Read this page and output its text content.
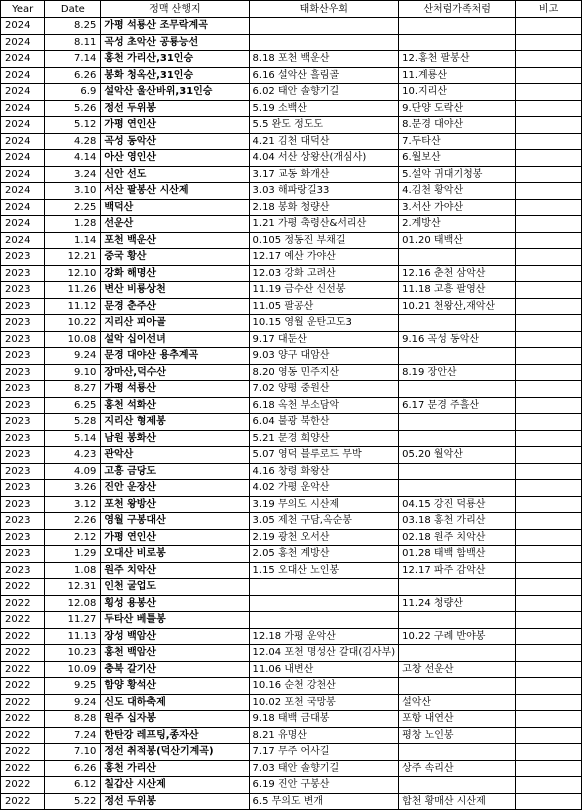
Year	Date	정맥 산행지	태화산우회	산처럼가족처럼	비고
2024	8.25	가평 석룡산 조무락계곡			
2024	8.11	곡성 초악산 공룡능선			
2024	7.14	홍천 가리산,31인승	8.18 포천 백운산	12.홍천 팔봉산	
2024	6.26	봉화 청옥산,31인승	6.16 설악산 흘림골	11.계룡산	
2024	6.9	설악산 울산바위,31인승	6.02 태안 솔향기길	10.지리산	
2024	5.26	정선 두위봉	5.19 소백산	9.단양 도락산	
2024	5.12	가평 연인산	5.5 완도 정도도	8.문경 대야산	
2024	4.28	곡성 동악산	4.21 김천 대덕산	7.두타산	
2024	4.14	아산 영인산	4.04 서산 상왕산(개심사)	6.월보산	
2024	3.24	신안 선도	3.17 교동 화개산	5.설악 귀대기청봉	
2024	3.10	서산 팔봉산 시산제	3.03 해파랑길33	4.김천 황악산	
2024	2.25	백덕산	2.18 봉화 청량산	3.서산 가야산	
2024	1.28	선운산	1.21 가평 축령산&서리산	2.계방산	
2024	1.14	포천 백운산	0.105 정동진 부채길	01.20 태백산	
2023	12.21	중국 황산	12.17 예산 가야산		
2023	12.10	강화 해명산	12.03 강화 고려산	12.16 춘천 삼악산	
2023	11.26	변산 비룡상천	11.19 금수산 신선봉	11.18 고흥 팔영산	
2023	11.12	문경 춘주산	11.05 팔공산	10.21 천왕산,재악산	
2023	10.22	지리산 피아골	10.15 영월 운탄고도3		
2023	10.08	설악 십이선녀	9.17 대둔산	9.16 곡성 동악산	
2023	9.24	문경 대야산 용추계곡	9.03 양구 대암산		
2023	9.10	장마산,덕수산	8.20 영동 민주지산	8.19 장안산	
2023	8.27	가평 석룡산	7.02 양평 중원산		
2023	6.25	홍천 석화산	6.18 옥천 부소담악	6.17 문경 주흘산	
2023	5.28	지리산 형제봉	6.04 불광 북한산		
2023	5.14	남원 봉화산	5.21 문경 희양산		
2023	4.23	관악산	5.07 영덕 블루로드 무박	05.20 월악산	
2023	4.09	고흥 금당도	4.16 창령 화왕산		
2023	3.26	진안 운장산	4.02 가평 운악산		
2023	3.12	포천 왕방산	3.19 무의도 시산제	04.15 강진 덕룡산	
2023	2.26	영월 구봉대산	3.05 제천 구담,옥순봉	03.18 홍천 가리산	
2023	2.12	가평 연인산	2.19 광천 오서산	02.18 원주 치악산	
2023	1.29	오대산 비로봉	2.05 홍천 계방산	01.28 태백 함백산	
2023	1.08	원주 치악산	1.15 오대산 노인봉	12.17 파주 감악산	
2022	12.31	인천 굴업도			
2022	12.08	횡성 용봉산		11.24 청량산	
2022	11.27	두타산 베틀봉			
2022	11.13	장성 백암산	12.18 가평 운악산	10.22 구례 반야봉	
2022	10.23	홍천 백암산	12.04 포천 명성산 갈대(김사부)		
2022	10.09	충북 갈기산	11.06 내변산	고창 선운산	
2022	9.25	함양 황석산	10.16 순천 강천산		
2022	9.24	신도 대하축제	10.02 포천 국망봉	설악산	
2022	8.28	원주 십자봉	9.18 태백 금대봉	포항 내연산	
2022	7.24	한탄강 레프팅,종자산	8.21 유명산	평창 노인봉	
2022	7.10	정선 취적봉(덕산기계곡)	7.17 무주 어사길		
2022	6.26	홍천 가리산	7.03 태안 솔향기길	상주 속리산	
2022	6.12	칠갑산 시산제	6.19 진안 구봉산		
2022	5.22	정선 두위봉	6.5 무의도 변개	합천 황매산 시산제	
